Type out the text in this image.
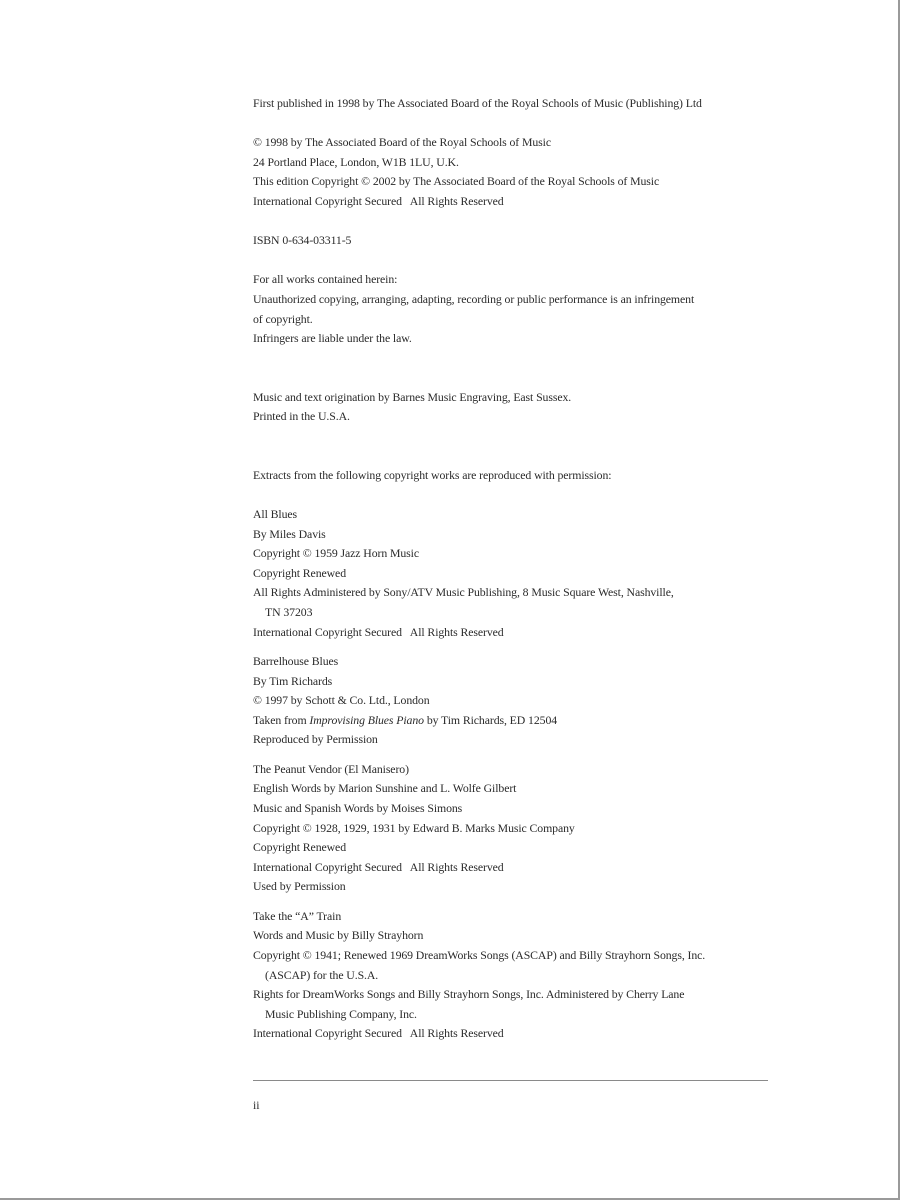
First published in 1998 by The Associated Board of the Royal Schools of Music (Publishing) Ltd

© 1998 by The Associated Board of the Royal Schools of Music

24 Portland Place, London, W1B 1LU, U.K.

This edition Copyright © 2002 by The Associated Board of the Royal Schools of Music

International Copyright Secured   All Rights Reserved

ISBN 0-634-03311-5

For all works contained herein:

Unauthorized copying, arranging, adapting, recording or public performance is an infringement

of copyright.

Infringers are liable under the law.

Music and text origination by Barnes Music Engraving, East Sussex.

Printed in the U.S.A.

Extracts from the following copyright works are reproduced with permission:

All Blues

By Miles Davis

Copyright © 1959 Jazz Horn Music

Copyright Renewed

All Rights Administered by Sony/ATV Music Publishing, 8 Music Square West, Nashville,

TN 37203

International Copyright Secured   All Rights Reserved

Barrelhouse Blues

By Tim Richards

© 1997 by Schott & Co. Ltd., London

Taken from Improvising Blues Piano by Tim Richards, ED 12504

Reproduced by Permission

The Peanut Vendor (El Manisero)

English Words by Marion Sunshine and L. Wolfe Gilbert

Music and Spanish Words by Moises Simons

Copyright © 1928, 1929, 1931 by Edward B. Marks Music Company

Copyright Renewed

International Copyright Secured   All Rights Reserved

Used by Permission

Take the “A” Train

Words and Music by Billy Strayhorn

Copyright © 1941; Renewed 1969 DreamWorks Songs (ASCAP) and Billy Strayhorn Songs, Inc.

(ASCAP) for the U.S.A.

Rights for DreamWorks Songs and Billy Strayhorn Songs, Inc. Administered by Cherry Lane

Music Publishing Company, Inc.

International Copyright Secured   All Rights Reserved

ii
